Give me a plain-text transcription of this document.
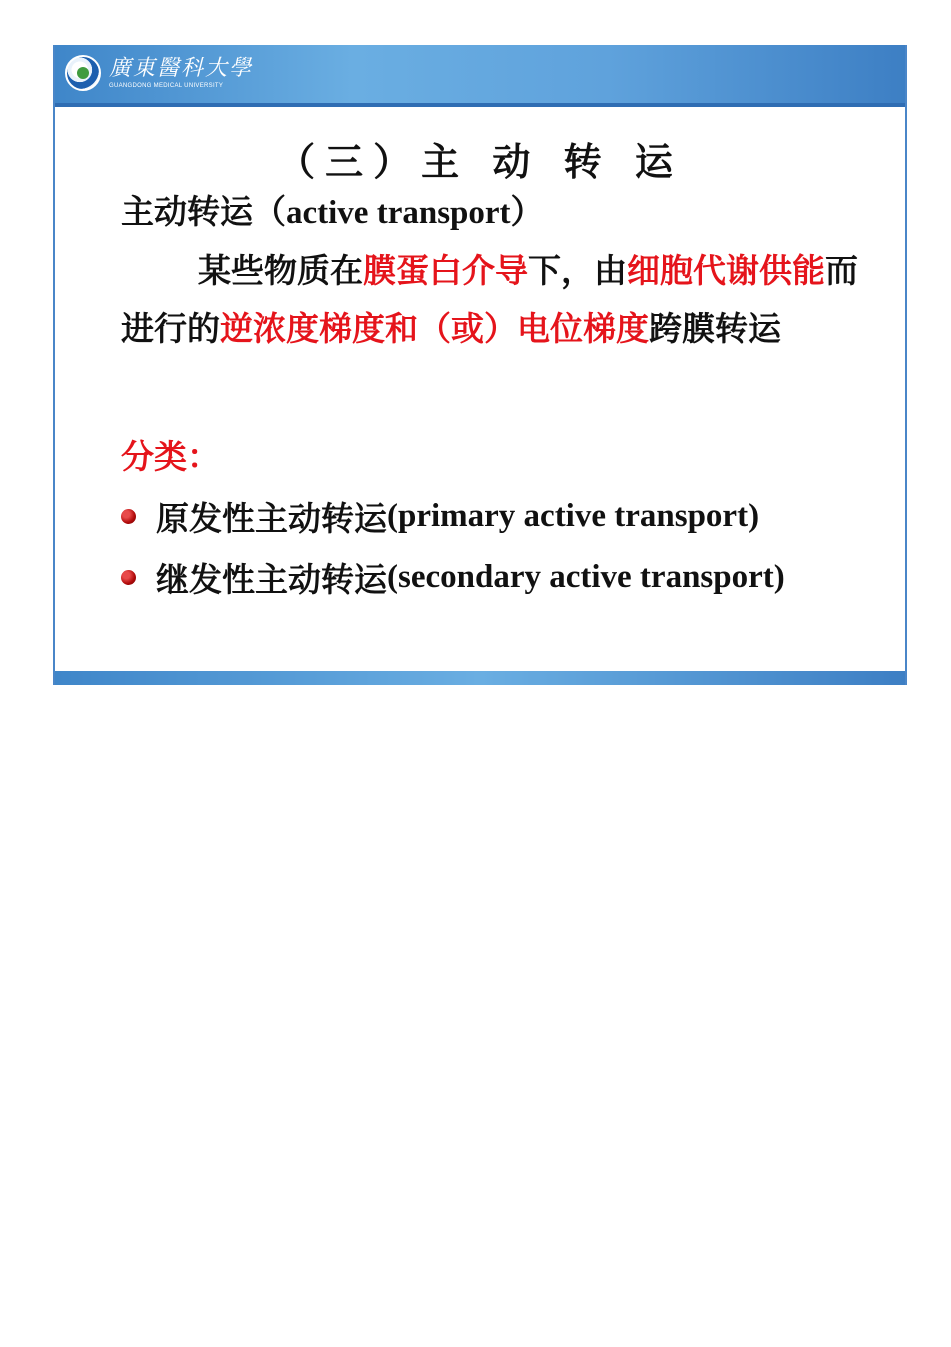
廣東醫科大學
GUANGDONG MEDICAL UNIVERSITY
（三）主 动 转 运
主动转运（active transport）
某些物质在膜蛋白介导下，由细胞代谢供能而进行的逆浓度梯度和（或）电位梯度跨膜转运
分类：
原发性主动转运 (primary active transport)
继发性主动转运 (secondary active transport)
